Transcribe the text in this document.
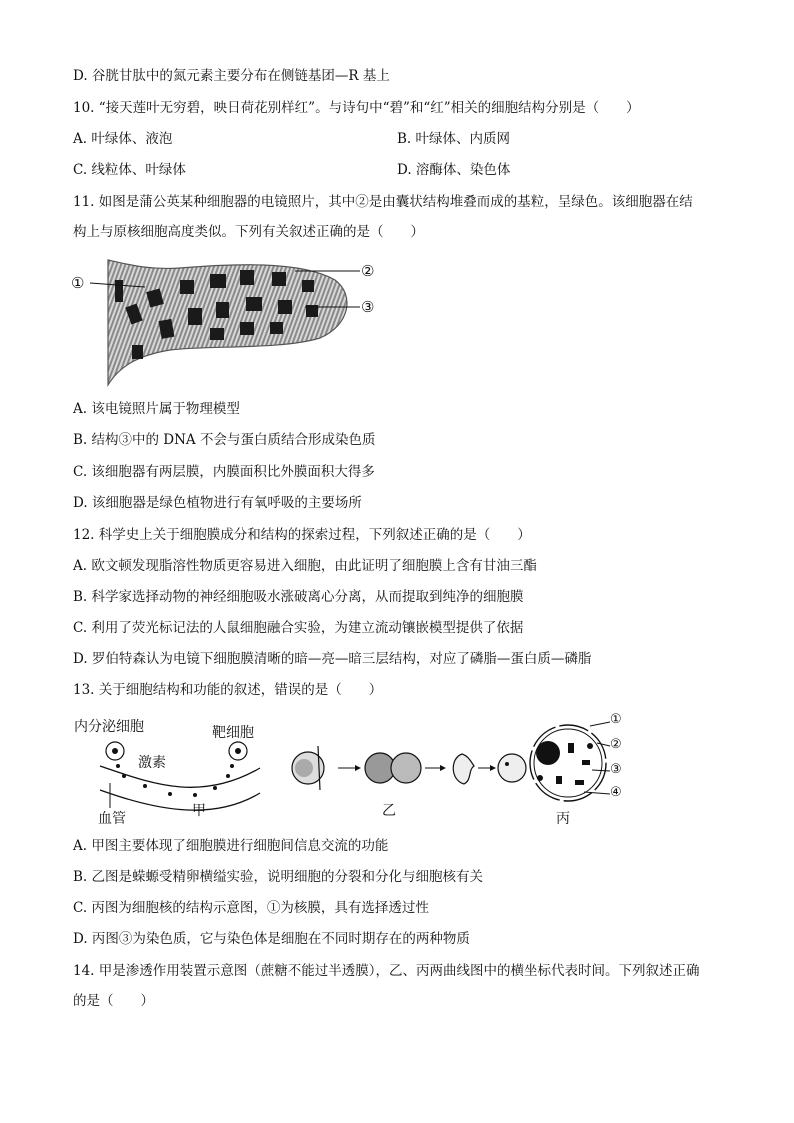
D. 谷胱甘肽中的氮元素主要分布在侧链基团—R 基上
10. “接天莲叶无穷碧，映日荷花别样红”。与诗句中“碧”和“红”相关的细胞结构分别是（　　）
A. 叶绿体、液泡	B. 叶绿体、内质网
C. 线粒体、叶绿体	D. 溶酶体、染色体
11. 如图是蒲公英某种细胞器的电镜照片，其中②是由囊状结构堆叠而成的基粒，呈绿色。该细胞器在结
构上与原核细胞高度类似。下列有关叙述正确的是（　　）
①
②
③
A. 该电镜照片属于物理模型
B. 结构③中的 DNA 不会与蛋白质结合形成染色质
C. 该细胞器有两层膜，内膜面积比外膜面积大得多
D. 该细胞器是绿色植物进行有氧呼吸的主要场所
12. 科学史上关于细胞膜成分和结构的探索过程，下列叙述正确的是（　　）
A. 欧文顿发现脂溶性物质更容易进入细胞，由此证明了细胞膜上含有甘油三酯
B. 科学家选择动物的神经细胞吸水涨破离心分离，从而提取到纯净的细胞膜
C. 利用了荧光标记法的人鼠细胞融合实验，为建立流动镶嵌模型提供了依据
D. 罗伯特森认为电镜下细胞膜清晰的暗—亮—暗三层结构，对应了磷脂—蛋白质—磷脂
13. 关于细胞结构和功能的叙述，错误的是（　　）
内分泌细胞	靶细胞
激素
血管	甲	乙	丙
①
②
③
④
A. 甲图主要体现了细胞膜进行细胞间信息交流的功能
B. 乙图是蝾螈受精卵横缢实验，说明细胞的分裂和分化与细胞核有关
C. 丙图为细胞核的结构示意图，①为核膜，具有选择透过性
D. 丙图③为染色质，它与染色体是细胞在不同时期存在的两种物质
14. 甲是渗透作用装置示意图（蔗糖不能过半透膜），乙、丙两曲线图中的横坐标代表时间。下列叙述正确
的是（　　）
